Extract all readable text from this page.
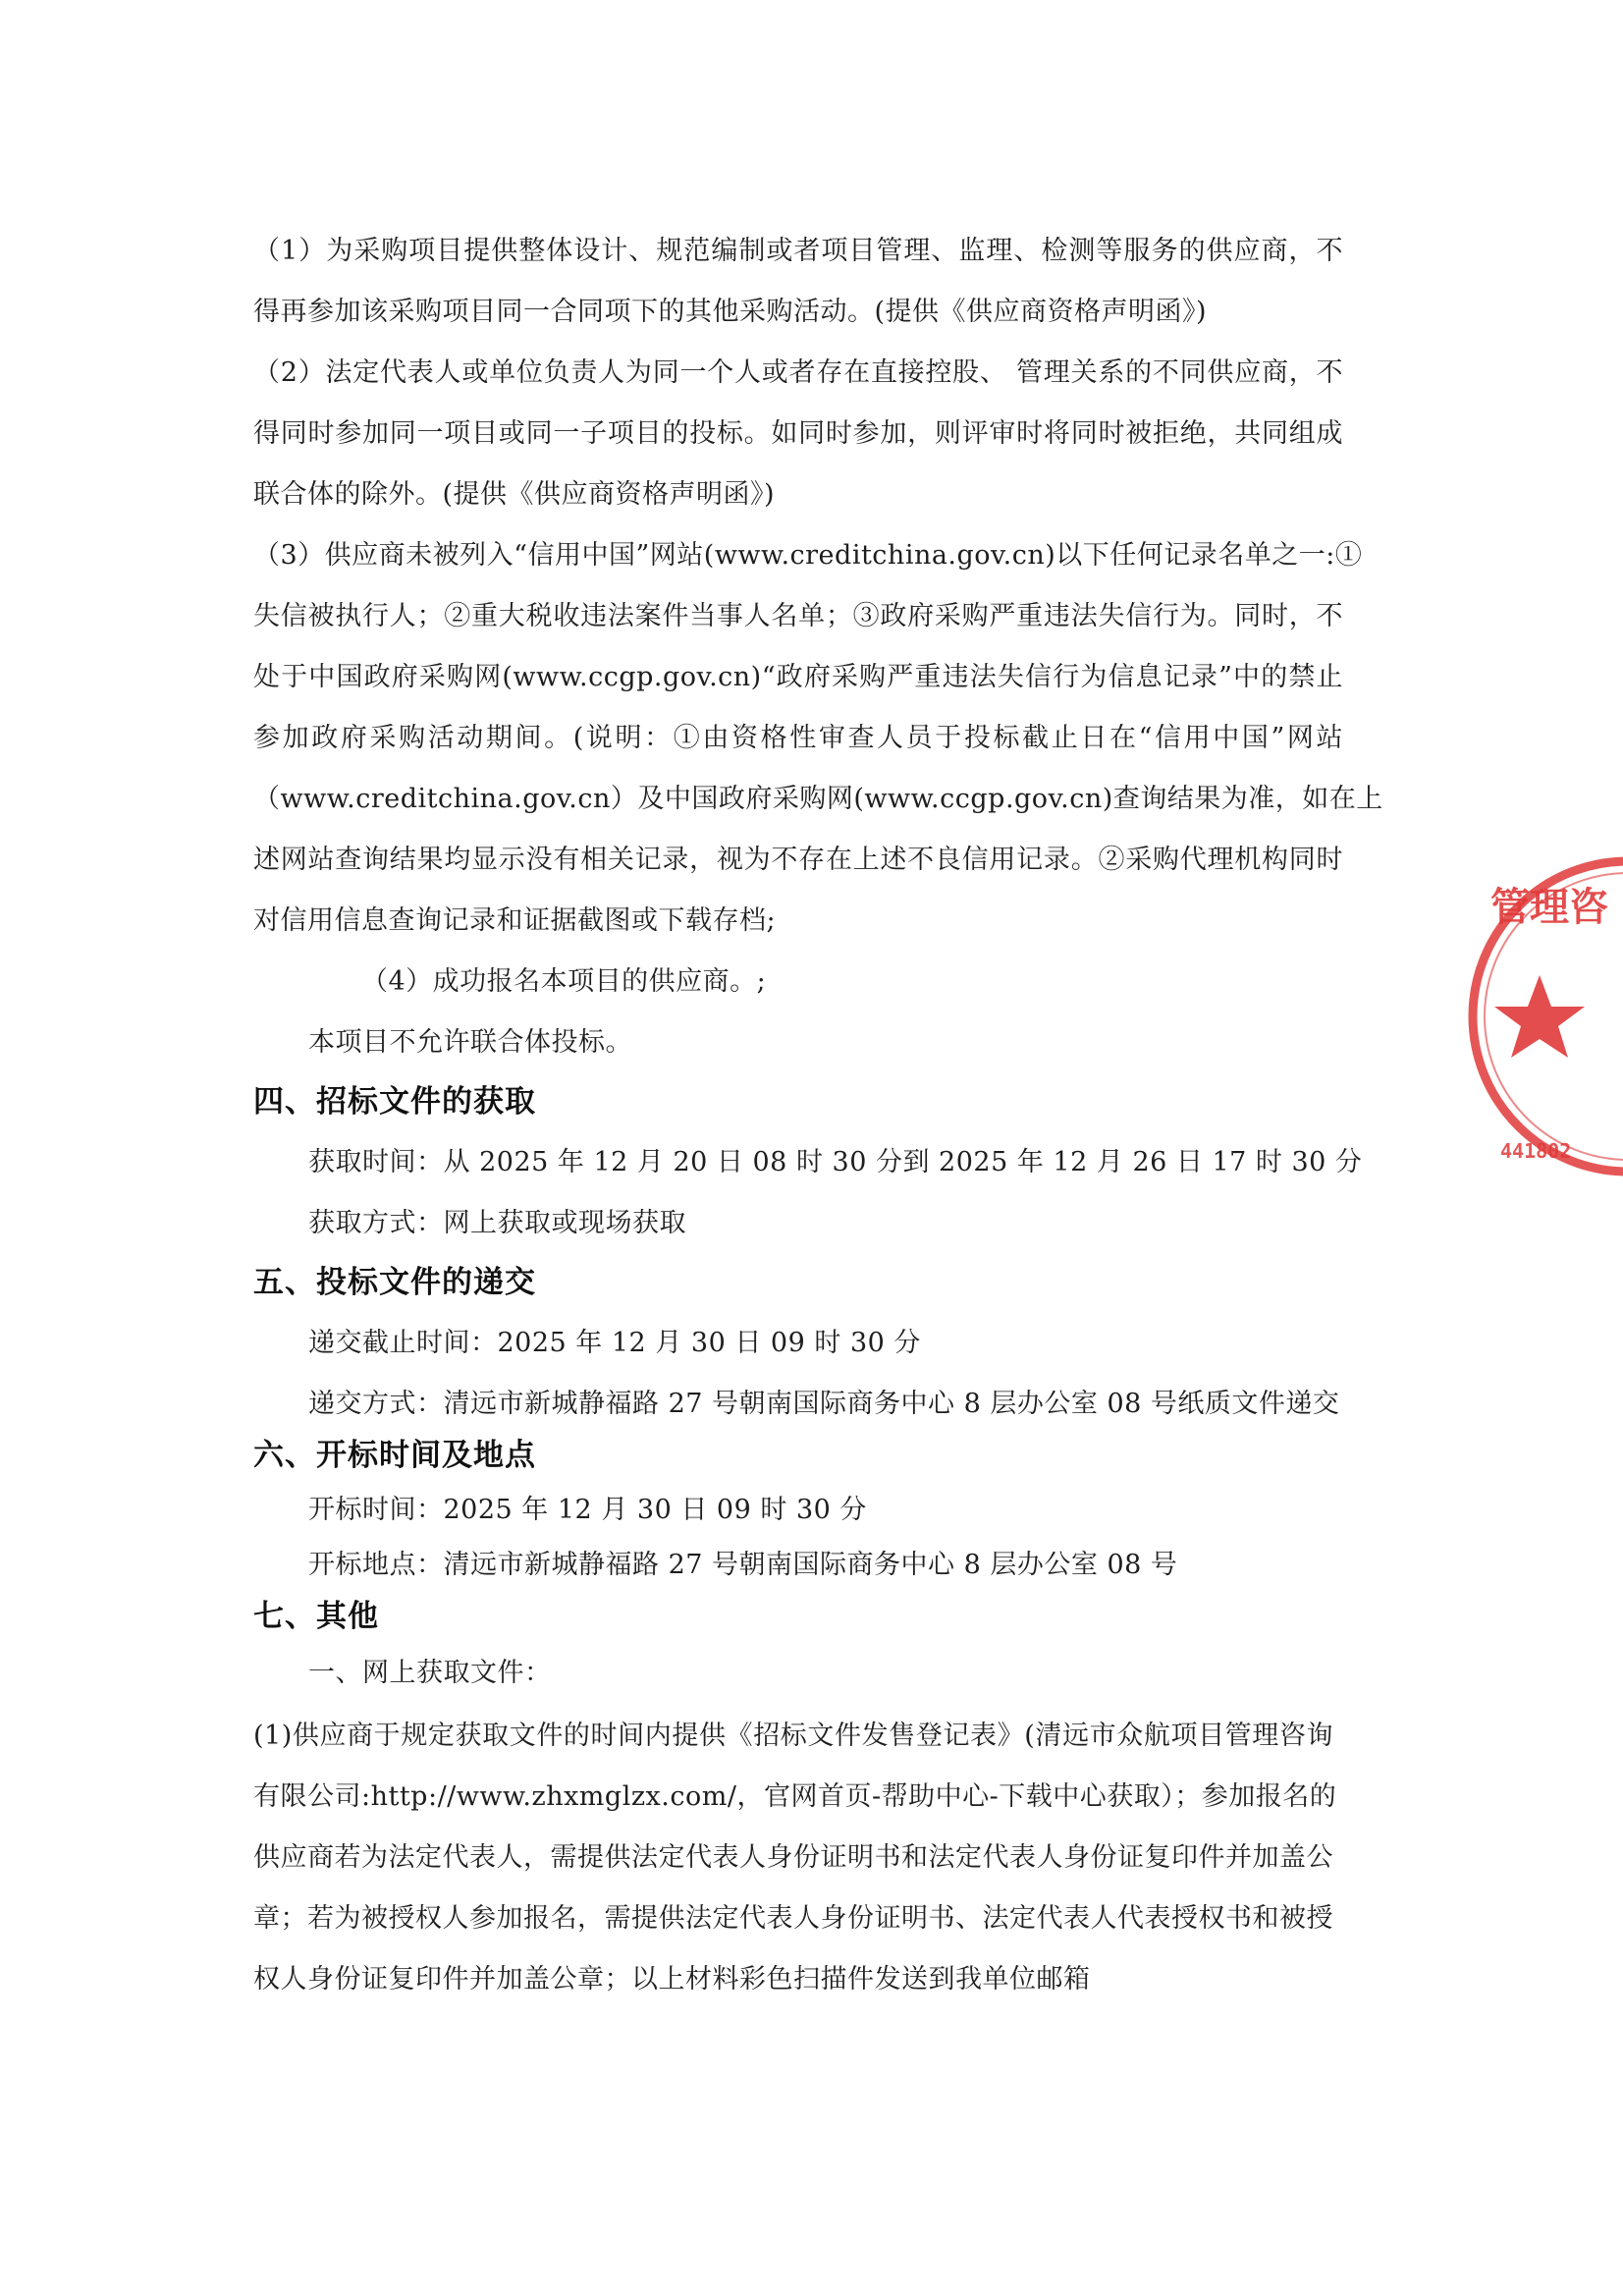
（1）为采购项目提供整体设计、规范编制或者项目管理、监理、检测等服务的供应商，不
得再参加该采购项目同一合同项下的其他采购活动。(提供《供应商资格声明函》)
（2）法定代表人或单位负责人为同一个人或者存在直接控股、 管理关系的不同供应商，不
得同时参加同一项目或同一子项目的投标。如同时参加，则评审时将同时被拒绝，共同组成
联合体的除外。(提供《供应商资格声明函》)
（3）供应商未被列入“信用中国”网站(www.creditchina.gov.cn)以下任何记录名单之一:①
失信被执行人；②重大税收违法案件当事人名单；③政府采购严重违法失信行为。同时，不
处于中国政府采购网(www.ccgp.gov.cn)“政府采购严重违法失信行为信息记录”中的禁止
参加政府采购活动期间。(说明：①由资格性审查人员于投标截止日在“信用中国”网站
（www.creditchina.gov.cn）及中国政府采购网(www.ccgp.gov.cn)查询结果为准，如在上
述网站查询结果均显示没有相关记录，视为不存在上述不良信用记录。②采购代理机构同时
对信用信息查询记录和证据截图或下载存档;
（4）成功报名本项目的供应商。;
本项目不允许联合体投标。
四、招标文件的获取
获取时间：从 2025 年 12 月 20 日 08 时 30 分到 2025 年 12 月 26 日 17 时 30 分
获取方式：网上获取或现场获取
五、投标文件的递交
递交截止时间：2025 年 12 月 30 日 09 时 30 分
递交方式：清远市新城静福路 27 号朝南国际商务中心 8 层办公室 08 号纸质文件递交
六、开标时间及地点
开标时间：2025 年 12 月 30 日 09 时 30 分
开标地点：清远市新城静福路 27 号朝南国际商务中心 8 层办公室 08 号
七、其他
一、网上获取文件：
(1)供应商于规定获取文件的时间内提供《招标文件发售登记表》(清远市众航项目管理咨询
有限公司:http://www.zhxmglzx.com/，官网首页-帮助中心-下载中心获取）；参加报名的
供应商若为法定代表人，需提供法定代表人身份证明书和法定代表人身份证复印件并加盖公
章；若为被授权人参加报名，需提供法定代表人身份证明书、法定代表人代表授权书和被授
权人身份证复印件并加盖公章；以上材料彩色扫描件发送到我单位邮箱
管理咨
441802
